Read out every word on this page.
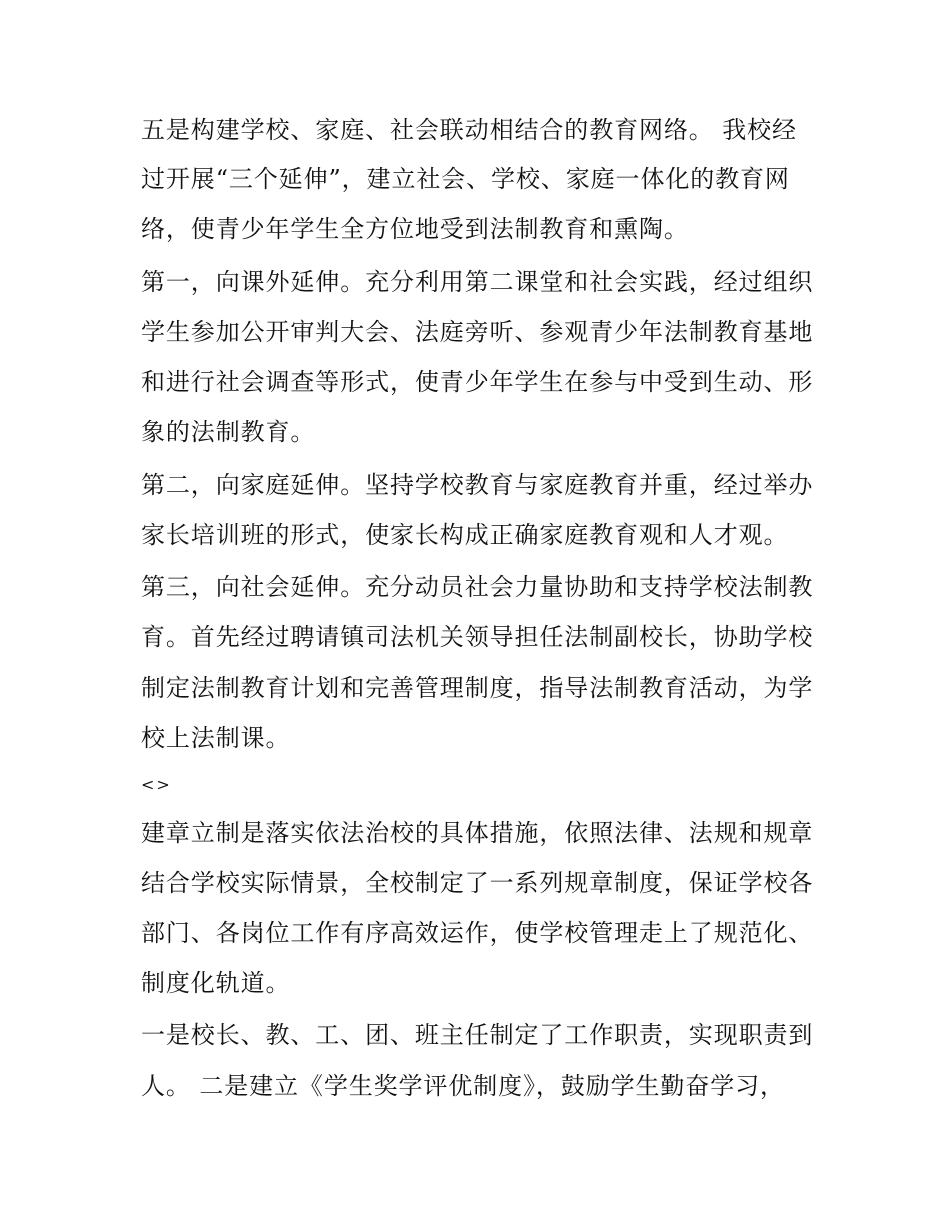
五是构建学校、家庭、社会联动相结合的教育网络。 我校经
过开展“三个延伸”，建立社会、学校、家庭一体化的教育网
络，使青少年学生全方位地受到法制教育和熏陶。
第一，向课外延伸。充分利用第二课堂和社会实践，经过组织
学生参加公开审判大会、法庭旁听、参观青少年法制教育基地
和进行社会调查等形式，使青少年学生在参与中受到生动、形
象的法制教育。
第二，向家庭延伸。坚持学校教育与家庭教育并重，经过举办
家长培训班的形式，使家长构成正确家庭教育观和人才观。
第三，向社会延伸。充分动员社会力量协助和支持学校法制教
育。首先经过聘请镇司法机关领导担任法制副校长，协助学校
制定法制教育计划和完善管理制度，指导法制教育活动，为学
校上法制课。
<>
建章立制是落实依法治校的具体措施，依照法律、法规和规章
结合学校实际情景，全校制定了一系列规章制度，保证学校各
部门、各岗位工作有序高效运作，使学校管理走上了规范化、
制度化轨道。
一是校长、教、工、团、班主任制定了工作职责，实现职责到
人。 二是建立《学生奖学评优制度》，鼓励学生勤奋学习，
